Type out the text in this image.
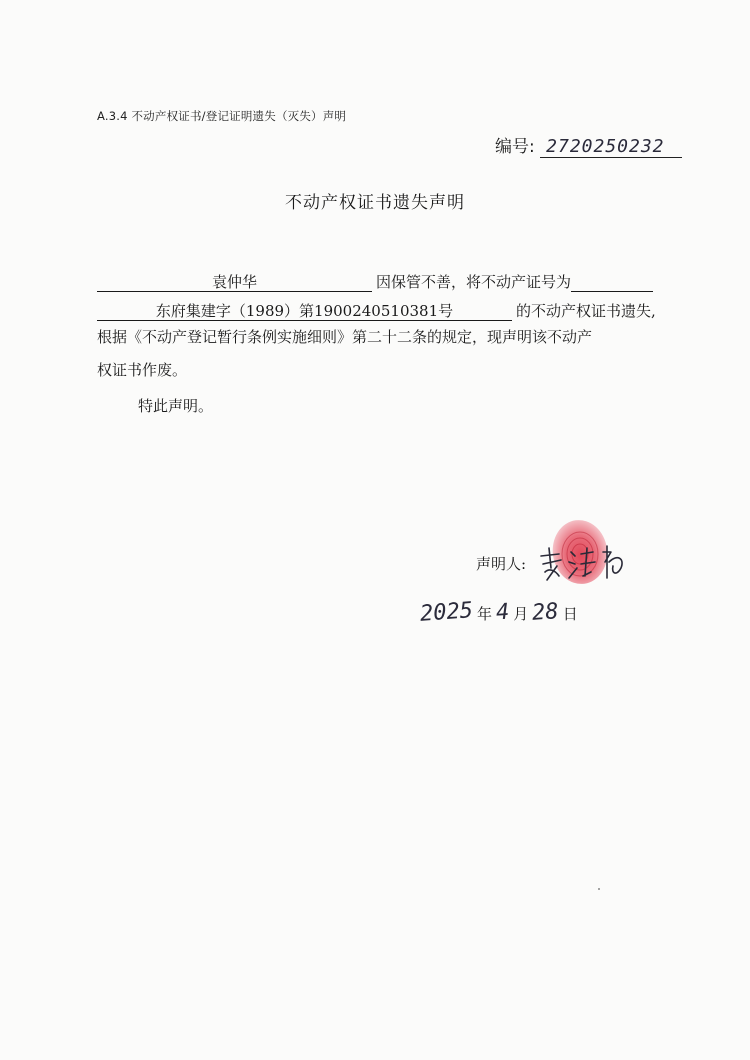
A.3.4 不动产权证书/登记证明遗失（灭失）声明
编号: 2720250232
不动产权证书遗失声明
袁仲华	因保管不善，将不动产证号为
东府集建字（1989）第1900240510381号	的不动产权证书遗失,
根据《不动产登记暂行条例实施细则》第二十二条的规定，现声明该不动产
权证书作废。
特此声明。
声明人:
2025 年 4 月 28 日
